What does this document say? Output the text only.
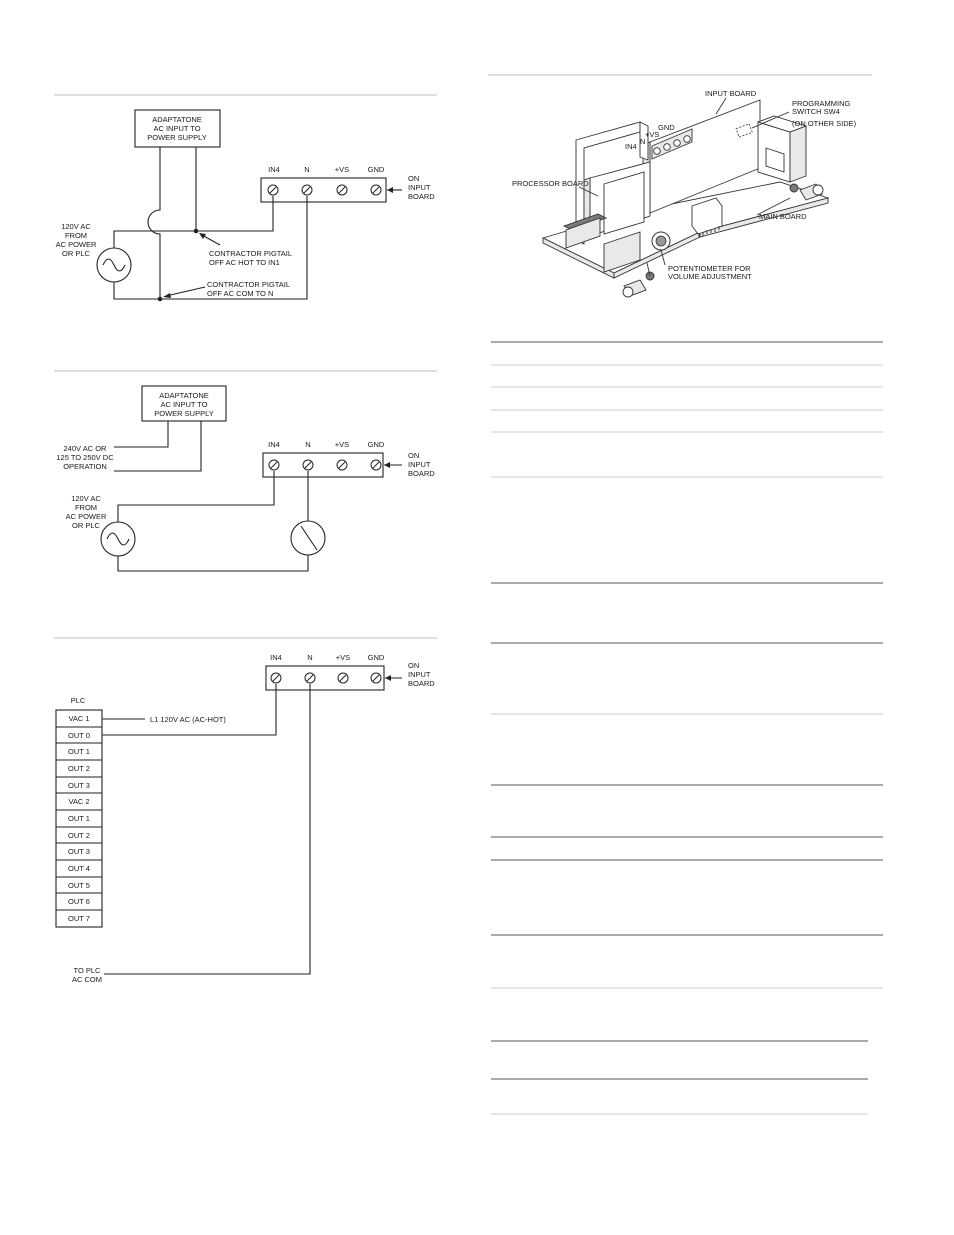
ADAPTATONE
AC INPUT TO
POWER SUPPLY
IN4	N	+VS GND
ON
INPUT
BOARD
120V AC
FROM
AC POWER
OR PLC	CONTRACTOR PIGTAIL
OFF AC HOT TO IN1
CONTRACTOR PIGTAIL
OFF AC COM TO N
ADAPTATONE
AC INPUT TO
POWER SUPPLY
240V AC OR
125 TO 250V DC
OPERATION
IN4	N	+VS GND
ON
INPUT
BOARD
120V AC
FROM
AC POWER
OR PLC
IN4	N	+VS GND
ON
INPUT
BOARD
PLC
VAC 1
OUT 0
OUT 1
OUT 2
OUT 3
VAC 2
OUT 1
OUT 2
OUT 3
OUT 4
OUT 5
OUT 6
OUT 7
L1 120V AC (AC-HOT)
TO PLC
AC COM
INPUT BOARD
PROGRAMMING
SWITCH SW4
(ON OTHER SIDE)
GND
+VS
N
IN4
PROCESSOR BOARD
MAIN BOARD
POTENTIOMETER FOR
VOLUME ADJUSTMENT
